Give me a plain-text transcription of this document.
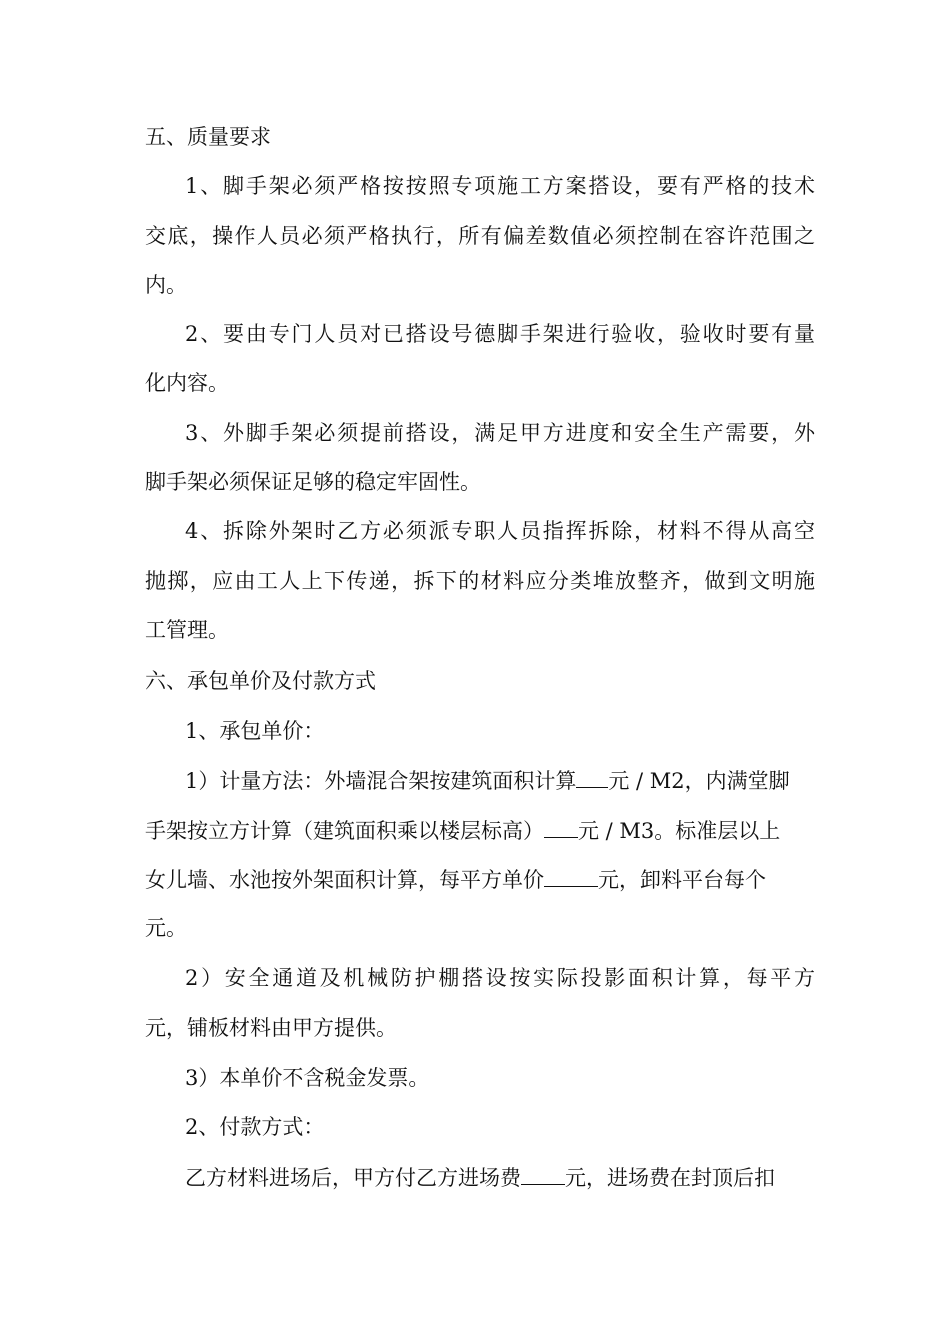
五、质量要求
1、脚手架必须严格按按照专项施工方案搭设，要有严格的技术
交底，操作人员必须严格执行，所有偏差数值必须控制在容许范围之
内。
2、要由专门人员对已搭设号德脚手架进行验收，验收时要有量
化内容。
3、外脚手架必须提前搭设，满足甲方进度和安全生产需要，外
脚手架必须保证足够的稳定牢固性。
4、拆除外架时乙方必须派专职人员指挥拆除，材料不得从高空
抛掷，应由工人上下传递，拆下的材料应分类堆放整齐，做到文明施
工管理。
六、承包单价及付款方式
1、承包单价：
1）计量方法：外墙混合架按建筑面积计算 元 / M2，内满堂脚
手架按立方计算（建筑面积乘以楼层标高） 元 / M3。标准层以上
女儿墙、水池按外架面积计算，每平方单价	元，卸料平台每个
元。
2）安全通道及机械防护棚搭设按实际投影面积计算，每平方
元，铺板材料由甲方提供。
3）本单价不含税金发票。
2、付款方式：
乙方材料进场后，甲方付乙方进场费 元，进场费在封顶后扣
